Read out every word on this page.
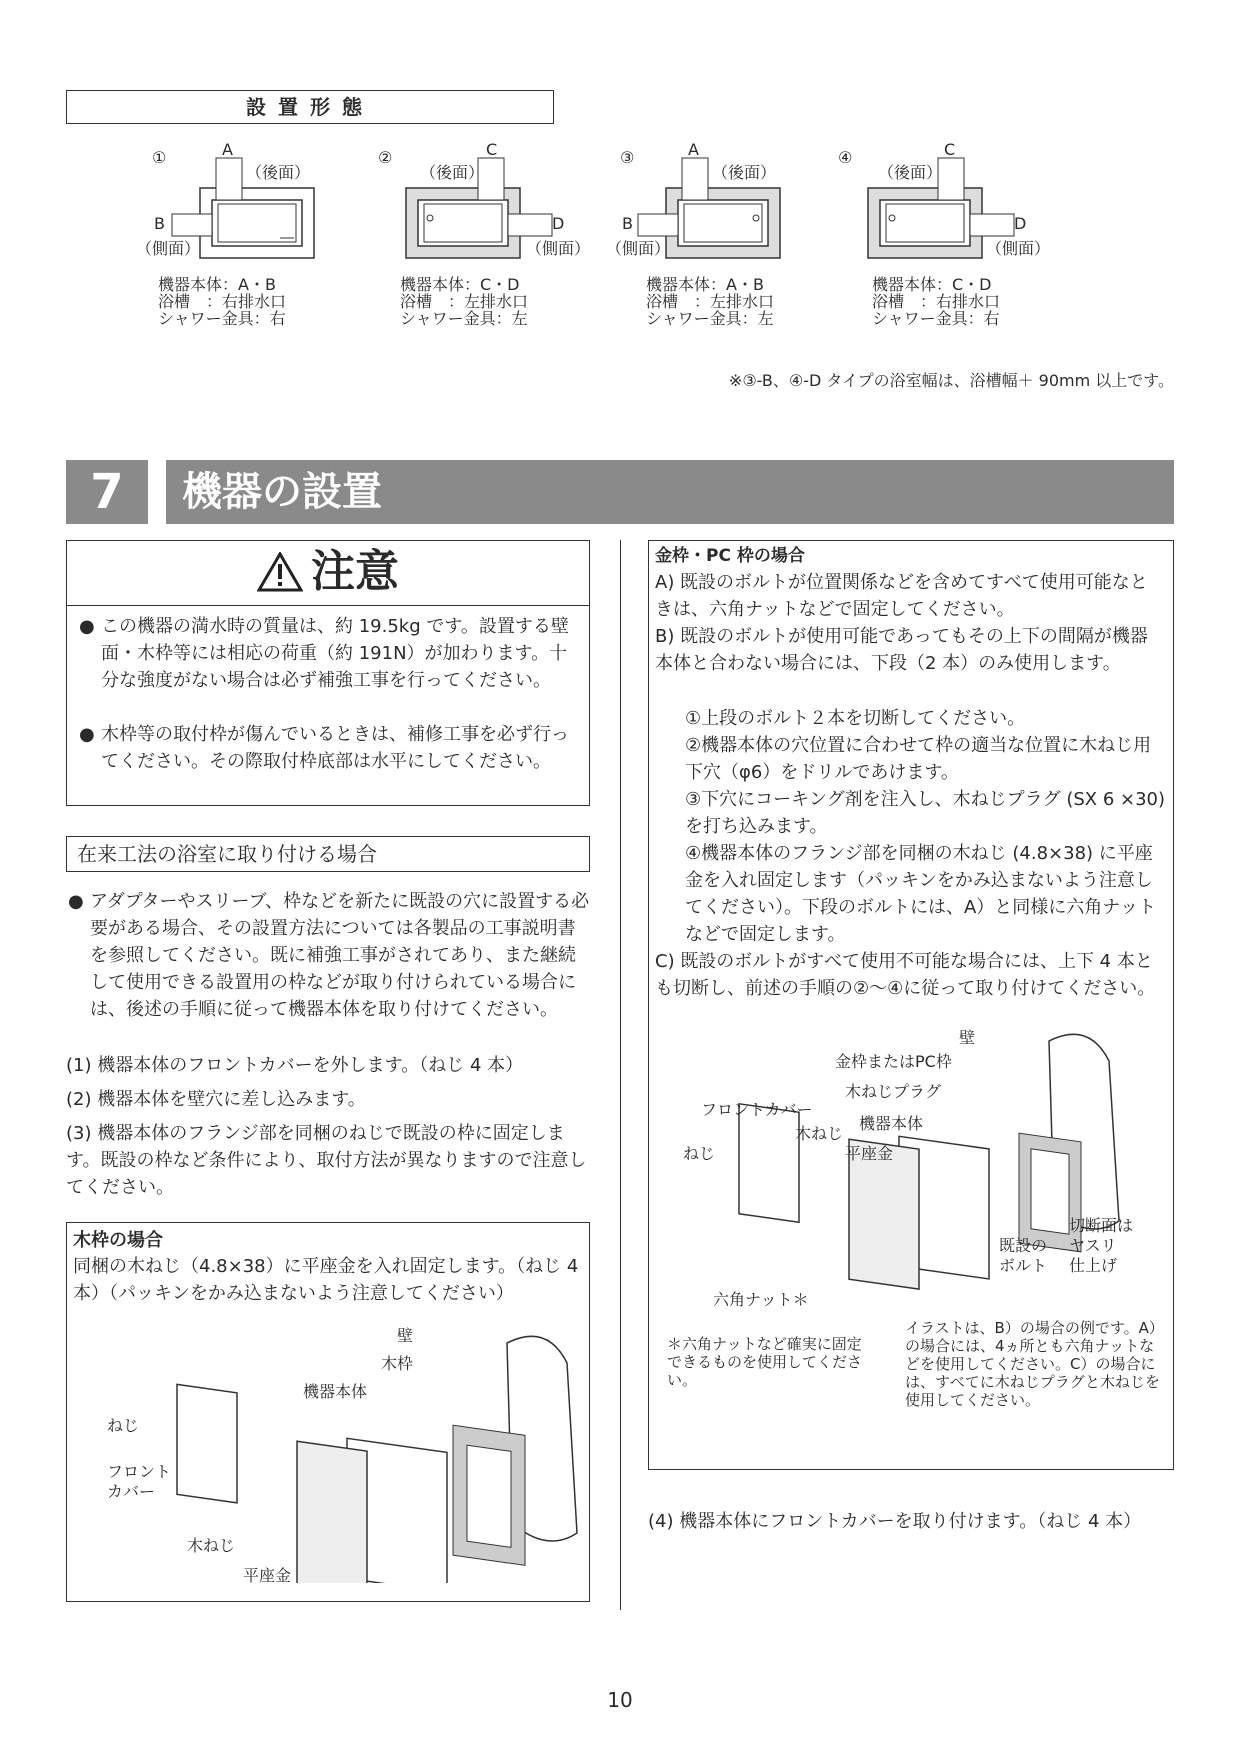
設置形態
①	A
（後面）
B
（側面）
機器本体：A・B
浴槽　：右排水口
シャワー金具：右
②	C
（後面）
D
（側面）
機器本体：C・D
浴槽　：左排水口
シャワー金具：左
③	A
（後面）
B
（側面）
機器本体：A・B
浴槽　：左排水口
シャワー金具：左
④	C
（後面）
D
（側面）
機器本体：C・D
浴槽　：右排水口
シャワー金具：右
※③-B、④-D タイプの浴室幅は、浴槽幅＋ 90mm 以上です。
7	機器の設置
注意
● この機器の満水時の質量は、約 19.5kg です。設置する壁面・木枠等には相応の荷重（約 191N）が加わります。十分な強度がない場合は必ず補強工事を行ってください。
● 木枠等の取付枠が傷んでいるときは、補修工事を必ず行ってください。その際取付枠底部は水平にしてください。
在来工法の浴室に取り付ける場合
● アダプターやスリーブ、枠などを新たに既設の穴に設置する必要がある場合、その設置方法については各製品の工事説明書を参照してください。既に補強工事がされてあり、また継続して使用できる設置用の枠などが取り付けられている場合には、後述の手順に従って機器本体を取り付けてください。
(1) 機器本体のフロントカバーを外します。（ねじ 4 本）
(2) 機器本体を壁穴に差し込みます。
(3) 機器本体のフランジ部を同梱のねじで既設の枠に固定します。既設の枠など条件により、取付方法が異なりますので注意してください。
木枠の場合
同梱の木ねじ（4.8×38）に平座金を入れ固定します。（ねじ 4 本）（パッキンをかみ込まないよう注意してください）
壁
木枠
機器本体
ねじ
フロント
カバー
木ねじ
平座金
金枠・PC 枠の場合
A) 既設のボルトが位置関係などを含めてすべて使用可能なときは、六角ナットなどで固定してください。
B) 既設のボルトが使用可能であってもその上下の間隔が機器本体と合わない場合には、下段（2 本）のみ使用します。
①上段のボルト２本を切断してください。
②機器本体の穴位置に合わせて枠の適当な位置に木ねじ用下穴（φ6）をドリルであけます。
③下穴にコーキング剤を注入し、木ねじプラグ (SX 6 ×30) を打ち込みます。
④機器本体のフランジ部を同梱の木ねじ (4.8×38) に平座金を入れ固定します（パッキンをかみ込まないよう注意してください）。下段のボルトには、A）と同様に六角ナットなどで固定します。
C) 既設のボルトがすべて使用不可能な場合には、上下 4 本とも切断し、前述の手順の②～④に従って取り付けてください。
壁
金枠またはPC枠
木ねじプラグ
フロントカバー
機器本体
木ねじ
ねじ	平座金
切断面は
ヤスリ
仕上げ
既設の
ボルト
六角ナット＊
＊六角ナットなど確実に固定できるものを使用してください。
イラストは、B）の場合の例です。A）の場合には、4ヵ所とも六角ナットなどを使用してください。C）の場合には、すべてに木ねじプラグと木ねじを使用してください。
(4) 機器本体にフロントカバーを取り付けます。（ねじ 4 本）
10
